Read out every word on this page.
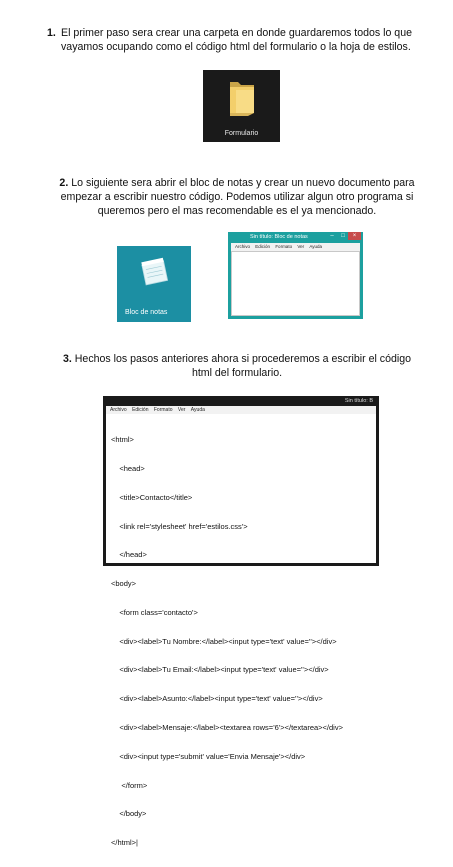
1. El primer paso sera crear una carpeta en donde guardaremos todos lo que vayamos ocupando como el código html del formulario o la hoja de estilos.
Formulario
2. Lo siguiente sera abrir el bloc de notas y crear un nuevo documento para empezar a escribir nuestro código. Podemos utilizar algun otro programa si queremos pero el mas recomendable es el ya mencionado.
Bloc de notas
Sin título: Bloc de notas	–	□	×
Archivo Edición Formato Ver Ayuda
3. Hechos los pasos anteriores ahora si procederemos a escribir el código html del formulario.
Sin título: B
Archivo Edición Formato Ver Ayuda

<html>

<head>

<title>Contacto</title>

<link rel='stylesheet' href='estilos.css'>

</head>

<body>

<form class='contacto'>

<div><label>Tu Nombre:</label><input type='text' value=''></div>

<div><label>Tu Email:</label><input type='text' value=''></div>

<div><label>Asunto:</label><input type='text' value=''></div>

<div><label>Mensaje:</label><textarea rows='6'></textarea></div>

<div><input type='submit' value='Envia Mensaje'></div>

</form>

</body>

</html>|
